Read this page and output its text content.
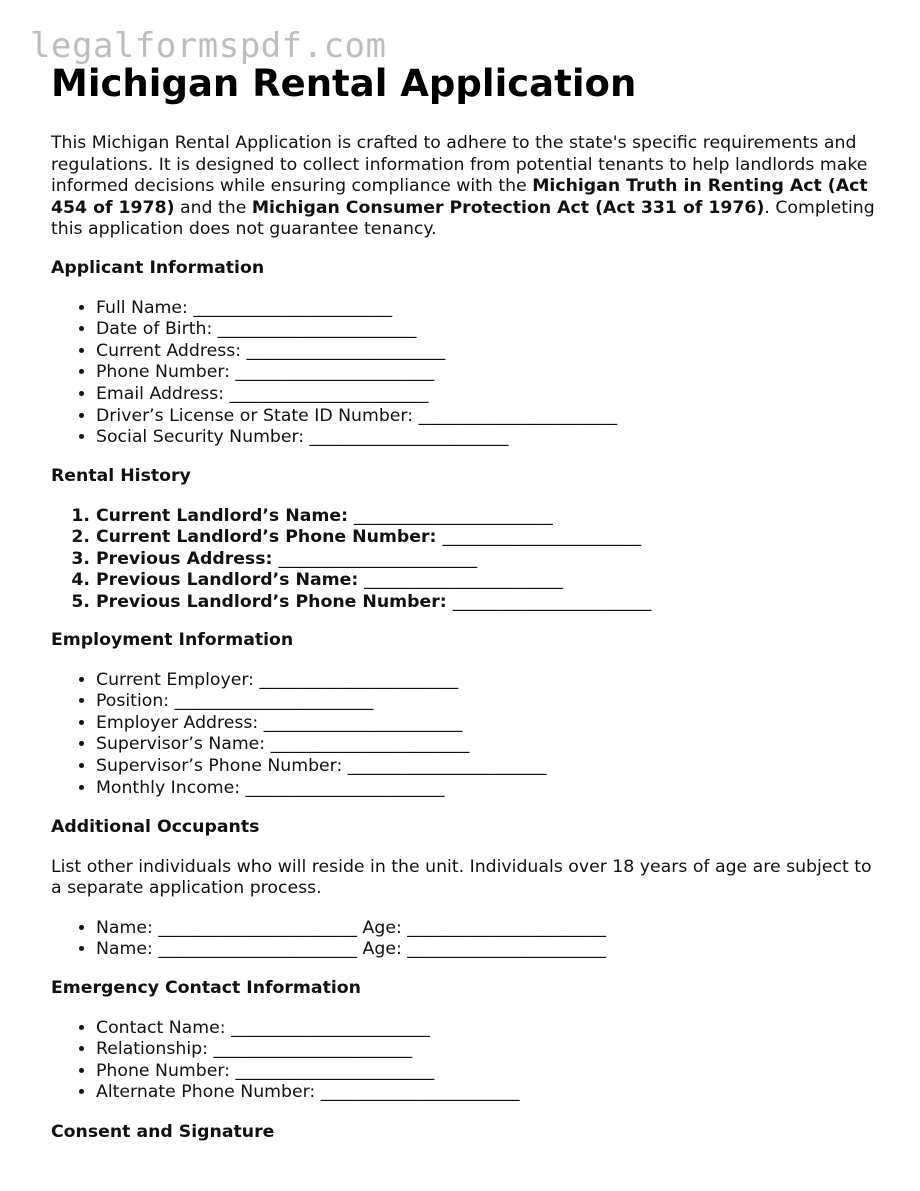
legalformspdf.com
Michigan Rental Application

This Michigan Rental Application is crafted to adhere to the state's specific requirements and regulations. It is designed to collect information from potential tenants to help landlords make informed decisions while ensuring compliance with the Michigan Truth in Renting Act (Act 454 of 1978) and the Michigan Consumer Protection Act (Act 331 of 1976). Completing this application does not guarantee tenancy.

Applicant Information
• Full Name: _______________________
• Date of Birth: _______________________
• Current Address: _______________________
• Phone Number: _______________________
• Email Address: _______________________
• Driver’s License or State ID Number: _______________________
• Social Security Number: _______________________
Rental History
1. Current Landlord’s Name: _______________________
2. Current Landlord’s Phone Number: _______________________
3. Previous Address: _______________________
4. Previous Landlord’s Name: _______________________
5. Previous Landlord’s Phone Number: _______________________
Employment Information
• Current Employer: _______________________
• Position: _______________________
• Employer Address: _______________________
• Supervisor’s Name: _______________________
• Supervisor’s Phone Number: _______________________
• Monthly Income: _______________________
Additional Occupants

List other individuals who will reside in the unit. Individuals over 18 years of age are subject to a separate application process.

• Name: _______________________ Age: _______________________
• Name: _______________________ Age: _______________________
Emergency Contact Information
• Contact Name: _______________________
• Relationship: _______________________
• Phone Number: _______________________
• Alternate Phone Number: _______________________
Consent and Signature
